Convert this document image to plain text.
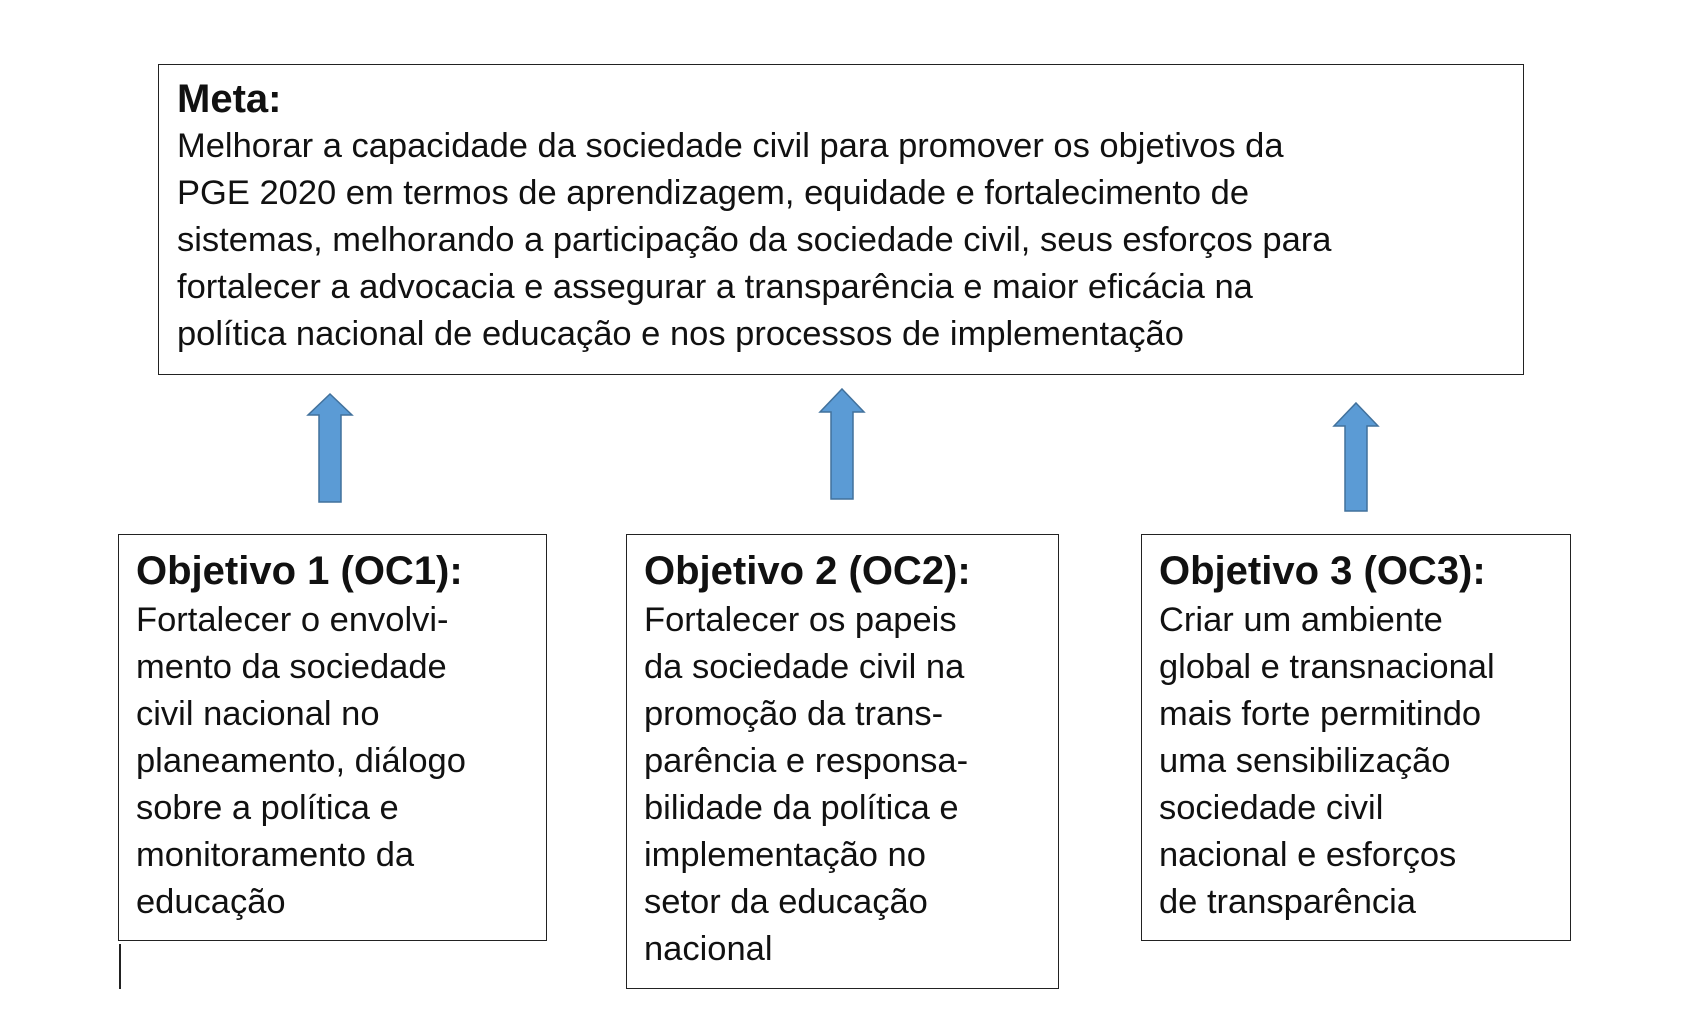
Meta:

Melhorar a capacidade da sociedade civil para promover os objetivos da
PGE 2020 em termos de aprendizagem, equidade e fortalecimento de
sistemas, melhorando a participação da sociedade civil, seus esforços para
fortalecer a advocacia e assegurar a transparência e maior eficácia na
política nacional de educação e nos processos de implementação

Objetivo 1 (OC1):

Fortalecer o envolvi-
mento da sociedade
civil nacional no
planeamento, diálogo
sobre a política e
monitoramento da
educação

Objetivo 2 (OC2):

Fortalecer os papeis
da sociedade civil na
promoção da trans-
parência e responsa-
bilidade da política e
implementação no
setor da educação
nacional

Objetivo 3 (OC3):

Criar um ambiente
global e transnacional
mais forte permitindo
uma sensibilização
sociedade civil
nacional e esforços
de transparência
